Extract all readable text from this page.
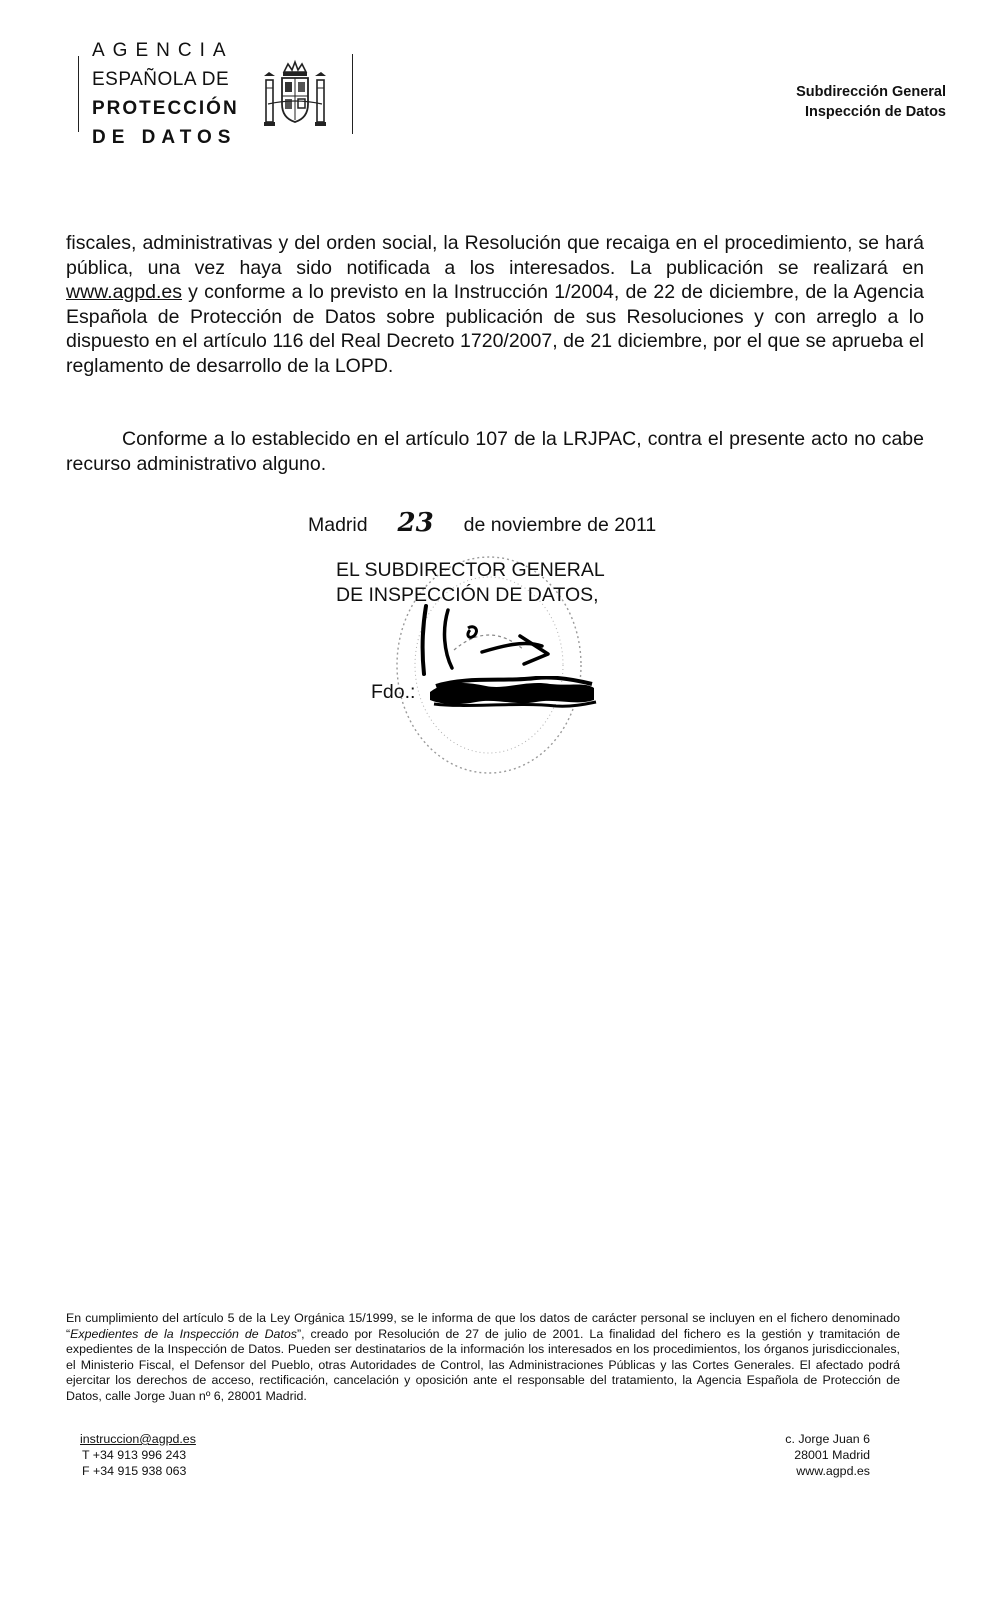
AGENCIA
ESPAÑOLA DE
PROTECCIÓN
DE DATOS
Subdirección General
Inspección de Datos
fiscales, administrativas y del orden social, la Resolución que recaiga en el procedimiento, se hará pública, una vez haya sido notificada a los interesados. La publicación se realizará en www.agpd.es y conforme a lo previsto en la Instrucción 1/2004, de 22 de diciembre, de la Agencia Española de Protección de Datos sobre publicación de sus Resoluciones y con arreglo a lo dispuesto en el artículo 116 del Real Decreto 1720/2007, de 21 diciembre, por el que se aprueba el reglamento de desarrollo de la LOPD.
Conforme a lo establecido en el artículo 107 de la LRJPAC, contra el presente acto no cabe recurso administrativo alguno.
Madrid 23 de noviembre de 2011
EL SUBDIRECTOR GENERAL
DE INSPECCIÓN DE DATOS,
Fdo.:
En cumplimiento del artículo 5 de la Ley Orgánica 15/1999, se le informa de que los datos de carácter personal se incluyen en el fichero denominado “Expedientes de la Inspección de Datos”, creado por Resolución de 27 de julio de 2001. La finalidad del fichero es la gestión y tramitación de expedientes de la Inspección de Datos. Pueden ser destinatarios de la información los interesados en los procedimientos, los órganos jurisdiccionales, el Ministerio Fiscal, el Defensor del Pueblo, otras Autoridades de Control, las Administraciones Públicas y las Cortes Generales. El afectado podrá ejercitar los derechos de acceso, rectificación, cancelación y oposición ante el responsable del tratamiento, la Agencia Española de Protección de Datos, calle Jorge Juan nº 6, 28001 Madrid.
instruccion@agpd.es
T +34 913 996 243
F +34 915 938 063
c. Jorge Juan 6
28001 Madrid
www.agpd.es
